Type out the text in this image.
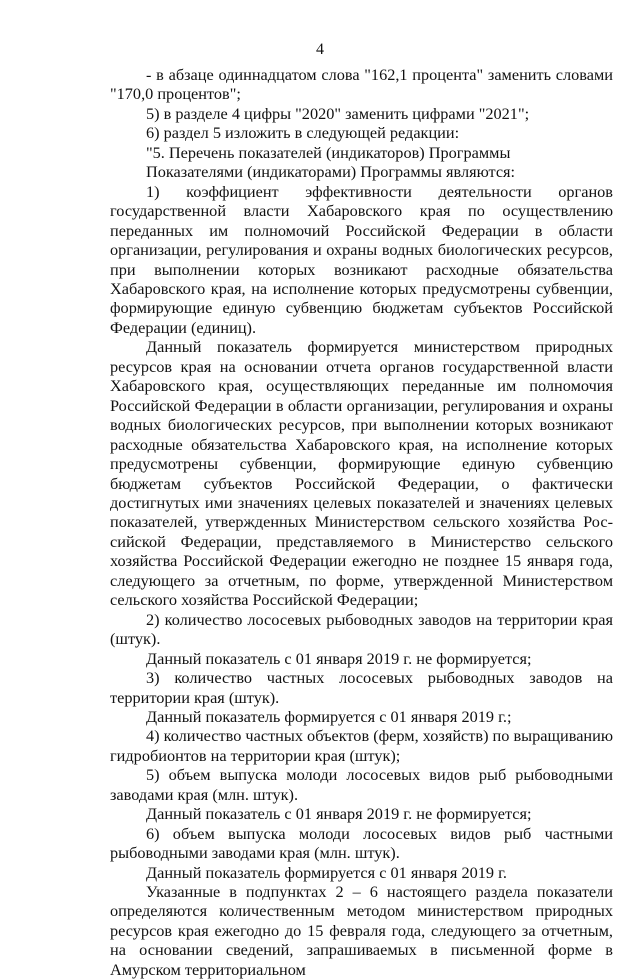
4

- в абзаце одиннадцатом слова "162,1 процента" заменить словами "170,0 процентов";

5) в разделе 4 цифры "2020" заменить цифрами "2021";

6) раздел 5 изложить в следующей редакции:

"5. Перечень показателей (индикаторов) Программы

Показателями (индикаторами) Программы являются:

1) коэффициент эффективности деятельности органов государственной власти Хабаровского края по осуществлению переданных им полномочий Российской Федерации в области организации, регулирования и охраны водных биологических ресурсов, при выполнении которых возникают расходные обязательства Хабаровского края, на исполнение которых предусмотрены субвенции, формирующие единую субвенцию бюджетам субъектов Российской Федерации (единиц).

Данный показатель формируется министерством природных ресурсов края на основании отчета органов государственной власти Хабаровского края, осуществляющих переданные им полномочия Российской Федерации в области организации, регулирования и охраны водных биологических ресурсов, при выполнении которых возникают расходные обязательства Хабаровского края, на исполнение которых предусмотрены субвенции, формирующие единую субвенцию бюджетам субъектов Российской Федерации, о фактически достигнутых ими значениях целевых показателей и значениях целевых показателей, утвержденных Министерством сельского хозяйства Российской Федерации, представляемого в Министерство сельского хозяйства Российской Федерации ежегодно не позднее 15 января года, следующего за отчетным, по форме, утвержденной Министерством сельского хозяйства Российской Федерации;

2) количество лососевых рыбоводных заводов на территории края (штук).

Данный показатель с 01 января 2019 г. не формируется;

3) количество частных лососевых рыбоводных заводов на территории края (штук).

Данный показатель формируется с 01 января 2019 г.;

4) количество частных объектов (ферм, хозяйств) по выращиванию гидробионтов на территории края (штук);

5) объем выпуска молоди лососевых видов рыб рыбоводными заводами края (млн. штук).

Данный показатель с 01 января 2019 г. не формируется;

6) объем выпуска молоди лососевых видов рыб частными рыбоводными заводами края (млн. штук).

Данный показатель формируется с 01 января 2019 г.

Указанные в подпунктах 2 – 6 настоящего раздела показатели определяются количественным методом министерством природных ресурсов края ежегодно до 15 февраля года, следующего за отчетным, на основании сведений, запрашиваемых в письменной форме в Амурском территориальном
